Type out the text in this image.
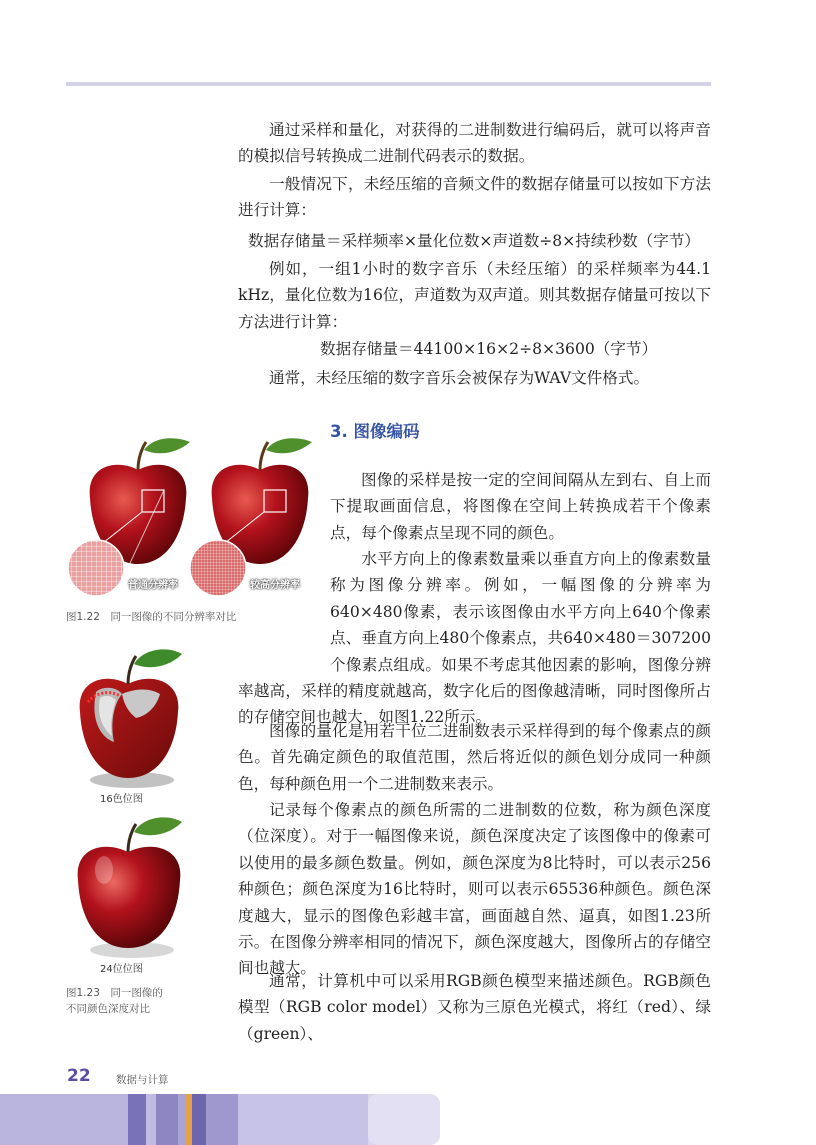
通过采样和量化，对获得的二进制数进行编码后，就可以将声音的模拟信号转换成二进制代码表示的数据。

一般情况下，未经压缩的音频文件的数据存储量可以按如下方法进行计算：

数据存储量＝采样频率×量化位数×声道数÷8×持续秒数（字节）

例如，一组1小时的数字音乐（未经压缩）的采样频率为44.1 kHz，量化位数为16位，声道数为双声道。则其数据存储量可按以下方法进行计算：

数据存储量＝44100×16×2÷8×3600（字节）

通常，未经压缩的数字音乐会被保存为WAV文件格式。

3. 图像编码
普通分辨率	较高分辨率

图1.22　同一图像的不同分辨率对比

16色位图
24位位图

图1.23　同一图像的

不同颜色深度对比

图像的采样是按一定的空间间隔从左到右、自上而下提取画面信息，将图像在空间上转换成若干个像素点，每个像素点呈现不同的颜色。

水平方向上的像素数量乘以垂直方向上的像素数量称为图像分辨率。例如，一幅图像的分辨率为640×480像素，表示该图像由水平方向上640个像素点、垂直方向上480个像素点，共640×480＝307200个像素点组成。如果不考虑其他因素的影响，图像分辨率越高，采样的精度就越高，数字化后的图像越清晰，同时图像所占的存储空间也越大，如图1.22所示。

图像的量化是用若干位二进制数表示采样得到的每个像素点的颜色。首先确定颜色的取值范围，然后将近似的颜色划分成同一种颜色，每种颜色用一个二进制数来表示。

记录每个像素点的颜色所需的二进制数的位数，称为颜色深度（位深度）。对于一幅图像来说，颜色深度决定了该图像中的像素可以使用的最多颜色数量。例如，颜色深度为8比特时，可以表示256种颜色；颜色深度为16比特时，则可以表示65536种颜色。颜色深度越大，显示的图像色彩越丰富，画面越自然、逼真，如图1.23所示。在图像分辨率相同的情况下，颜色深度越大，图像所占的存储空间也越大。

通常，计算机中可以采用RGB颜色模型来描述颜色。RGB颜色模型（RGB color model）又称为三原色光模式，将红（red）、绿（green）、

22 数据与计算
